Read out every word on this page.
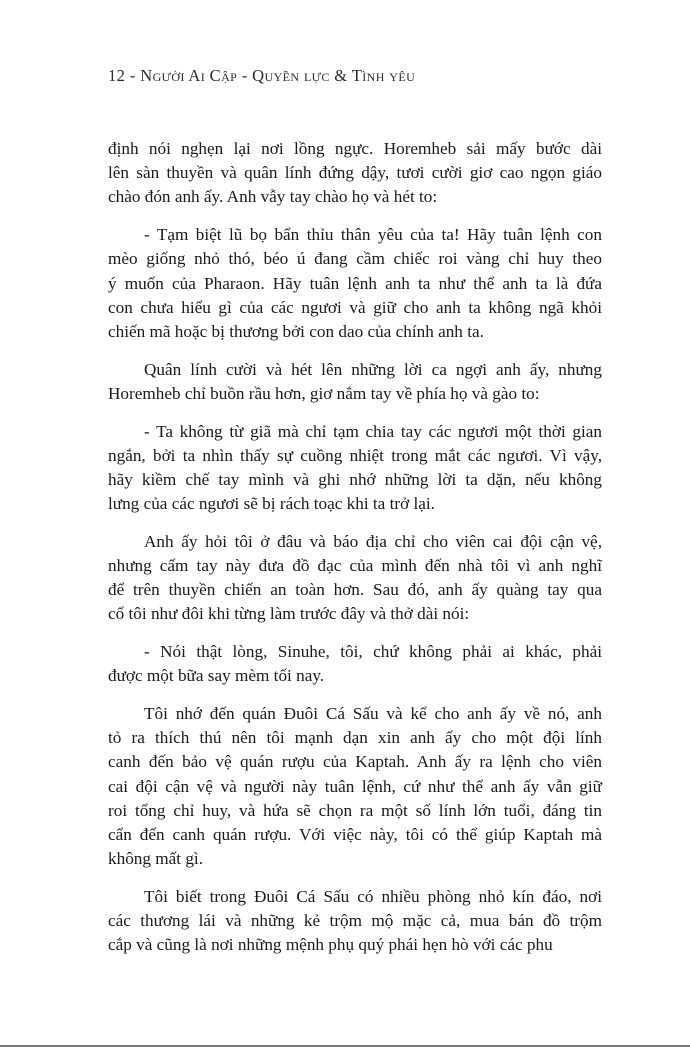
12 - Người Ai Cập - Quyền lực & Tình yêu

định nói nghẹn lại nơi lồng ngực. Horemheb sải mấy bước dài
lên sàn thuyền và quân lính đứng dậy, tươi cười giơ cao ngọn giáo
chào đón anh ấy. Anh vẫy tay chào họ và hét to:

- Tạm biệt lũ bọ bẩn thỉu thân yêu của ta! Hãy tuân lệnh con
mèo giống nhỏ thó, béo ú đang cầm chiếc roi vàng chỉ huy theo
ý muốn của Pharaon. Hãy tuân lệnh anh ta như thể anh ta là đứa
con chưa hiểu gì của các ngươi và giữ cho anh ta không ngã khỏi
chiến mã hoặc bị thương bởi con dao của chính anh ta.

Quân lính cười và hét lên những lời ca ngợi anh ấy, nhưng
Horemheb chỉ buồn rầu hơn, giơ nắm tay về phía họ và gào to:

- Ta không từ giã mà chỉ tạm chia tay các ngươi một thời gian
ngắn, bởi ta nhìn thấy sự cuồng nhiệt trong mắt các ngươi. Vì vậy,
hãy kiềm chế tay mình và ghi nhớ những lời ta dặn, nếu không
lưng của các ngươi sẽ bị rách toạc khi ta trở lại.

Anh ấy hỏi tôi ở đâu và báo địa chỉ cho viên cai đội cận vệ,
nhưng cấm tay này đưa đồ đạc của mình đến nhà tôi vì anh nghĩ
để trên thuyền chiến an toàn hơn. Sau đó, anh ấy quàng tay qua
cổ tôi như đôi khi từng làm trước đây và thở dài nói:

- Nói thật lòng, Sinuhe, tôi, chứ không phải ai khác, phải
được một bữa say mèm tối nay.

Tôi nhớ đến quán Đuôi Cá Sấu và kể cho anh ấy về nó, anh
tỏ ra thích thú nên tôi mạnh dạn xin anh ấy cho một đội lính
canh đến bảo vệ quán rượu của Kaptah. Anh ấy ra lệnh cho viên
cai đội cận vệ và người này tuân lệnh, cứ như thể anh ấy vẫn giữ
roi tổng chỉ huy, và hứa sẽ chọn ra một số lính lớn tuổi, đáng tin
cẩn đến canh quán rượu. Với việc này, tôi có thể giúp Kaptah mà
không mất gì.

Tôi biết trong Đuôi Cá Sấu có nhiều phòng nhỏ kín đáo, nơi
các thương lái và những kẻ trộm mộ mặc cả, mua bán đồ trộm
cắp và cũng là nơi những mệnh phụ quý phái hẹn hò với các phu
